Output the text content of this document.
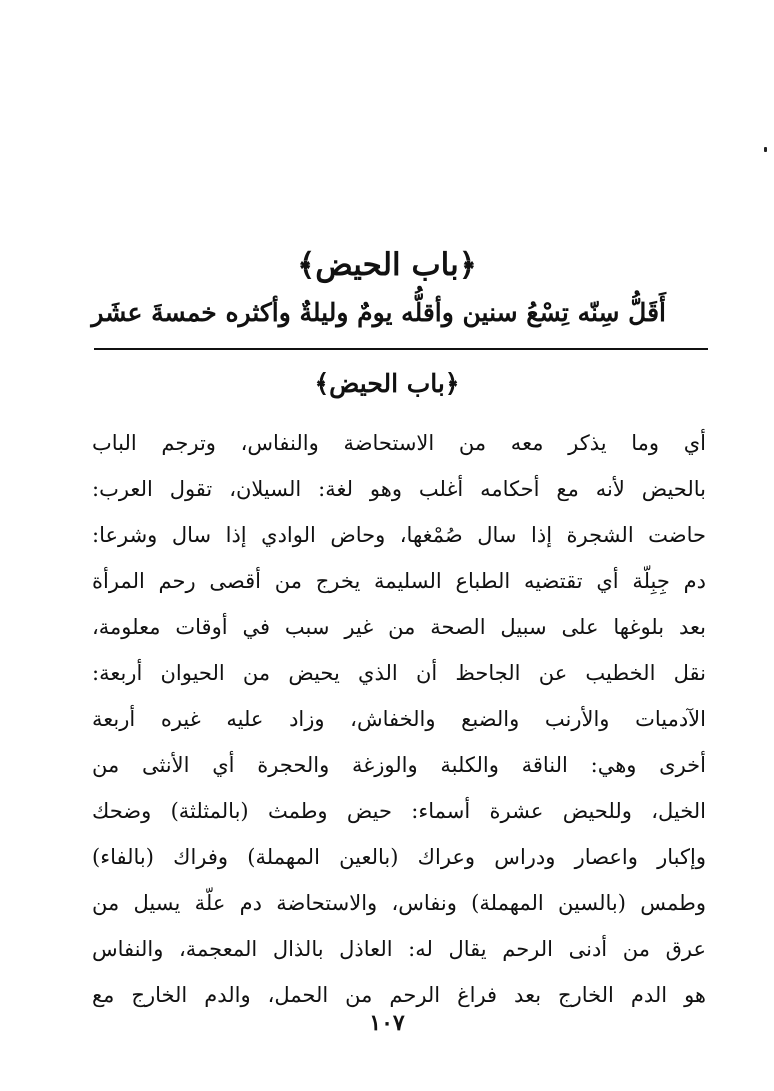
﴿باب الحيض﴾
أَقَلُّ سِنّه تِسْعُ سنين وأقلُّه يومٌ وليلةٌ وأكثره خمسةَ عشَر
﴿باب الحيض﴾
أي وما يذكر معه من الاستحاضة والنفاس، وترجم الباب
بالحيض لأنه مع أحكامه أغلب وهو لغة: السيلان، تقول العرب:
حاضت الشجرة إذا سال صُمْغها، وحاض الوادي إذا سال وشرعا:
دم جِبِلّة أي تقتضيه الطباع السليمة يخرج من أقصى رحم المرأة
بعد بلوغها على سبيل الصحة من غير سبب في أوقات معلومة،
نقل الخطيب عن الجاحظ أن الذي يحيض من الحيوان أربعة:
الآدميات والأرنب والضبع والخفاش، وزاد عليه غيره أربعة
أخرى وهي: الناقة والكلبة والوزغة والحجرة أي الأنثى من
الخيل، وللحيض عشرة أسماء: حيض وطمث (بالمثلثة) وضحك
وإكبار واعصار ودراس وعراك (بالعين المهملة) وفراك (بالفاء)
وطمس (بالسين المهملة) ونفاس، والاستحاضة دم علّة يسيل من
عرق من أدنى الرحم يقال له: العاذل بالذال المعجمة، والنفاس
هو الدم الخارج بعد فراغ الرحم من الحمل، والدم الخارج مع
١٠٧
